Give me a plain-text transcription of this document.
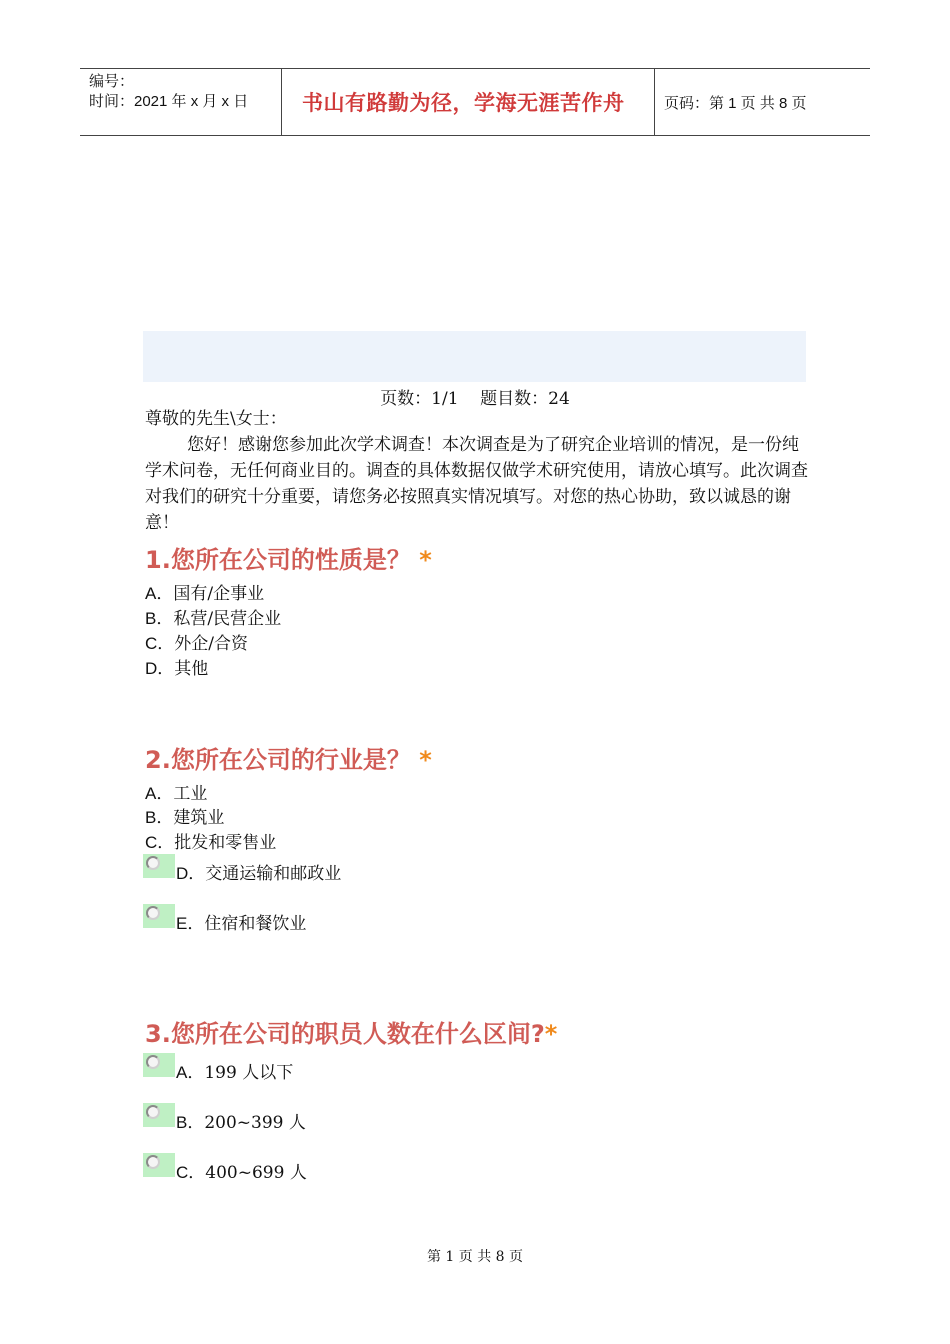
编号：
时间：2021 年 x 月 x 日	书山有路勤为径，学海无涯苦作舟	页码：第 1 页 共 8 页
页数：1/1    题目数：24

尊敬的先生\女士：

您好！感谢您参加此次学术调查！本次调查是为了研究企业培训的情况，是一份纯学术问卷，无任何商业目的。调查的具体数据仅做学术研究使用，请放心填写。此次调查对我们的研究十分重要，请您务必按照真实情况填写。对您的热心协助，致以诚恳的谢意！

1.您所在公司的性质是？ *
A．国有/企事业
B．私营/民营企业
C．外企/合资
D．其他
2.您所在公司的行业是？ *
A．工业
B．建筑业
C．批发和零售业
D．交通运输和邮政业
E．住宿和餐饮业
3.您所在公司的职员人数在什么区间?*
A．199 人以下
B．200~399 人
C．400~699 人
第 1 页 共 8 页
